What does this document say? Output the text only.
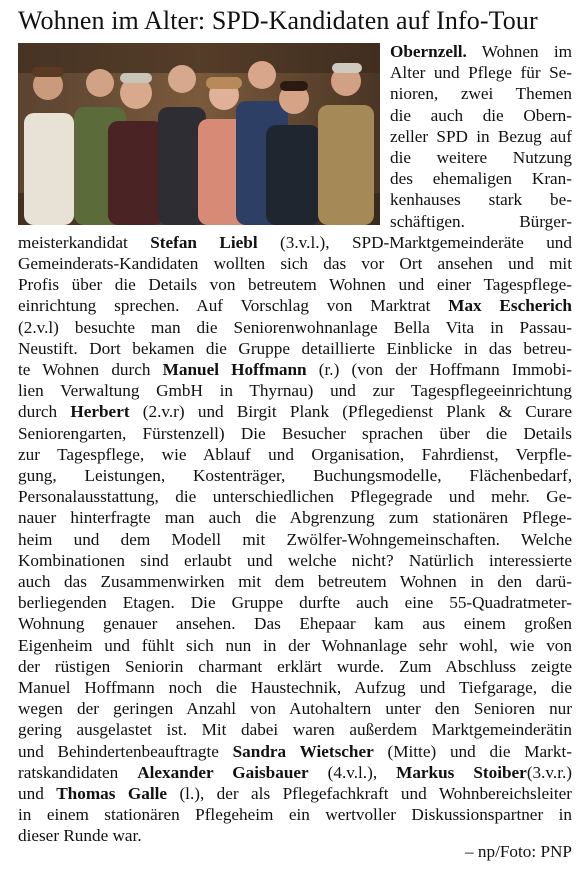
Wohnen im Alter: SPD-Kandidaten auf Info-Tour
Obernzell. Wohnen im
Alter und Pflege für Se-
nioren, zwei Themen
die auch die Obern-
zeller SPD in Bezug auf
die weitere Nutzung
des ehemaligen Kran-
kenhauses stark be-
schäftigen. Bürger-
meisterkandidat Stefan Liebl (3.v.l.), SPD-Marktgemeinderäte und
Gemeinderats-Kandidaten wollten sich das vor Ort ansehen und mit
Profis über die Details von betreutem Wohnen und einer Tagespflege-
einrichtung sprechen. Auf Vorschlag von Marktrat Max Escherich
(2.v.l) besuchte man die Seniorenwohnanlage Bella Vita in Passau-
Neustift. Dort bekamen die Gruppe detaillierte Einblicke in das betreu-
te Wohnen durch Manuel Hoffmann (r.) (von der Hoffmann Immobi-
lien Verwaltung GmbH in Thyrnau) und zur Tagespflegeeinrichtung
durch Herbert (2.v.r) und Birgit Plank (Pflegedienst Plank & Curare
Seniorengarten, Fürstenzell) Die Besucher sprachen über die Details
zur Tagespflege, wie Ablauf und Organisation, Fahrdienst, Verpfle-
gung, Leistungen, Kostenträger, Buchungsmodelle, Flächenbedarf,
Personalausstattung, die unterschiedlichen Pflegegrade und mehr. Ge-
nauer hinterfragte man auch die Abgrenzung zum stationären Pflege-
heim und dem Modell mit Zwölfer-Wohngemeinschaften. Welche
Kombinationen sind erlaubt und welche nicht? Natürlich interessierte
auch das Zusammenwirken mit dem betreutem Wohnen in den darü-
berliegenden Etagen. Die Gruppe durfte auch eine 55-Quadratmeter-
Wohnung genauer ansehen. Das Ehepaar kam aus einem großen
Eigenheim und fühlt sich nun in der Wohnanlage sehr wohl, wie von
der rüstigen Seniorin charmant erklärt wurde. Zum Abschluss zeigte
Manuel Hoffmann noch die Haustechnik, Aufzug und Tiefgarage, die
wegen der geringen Anzahl von Autohaltern unter den Senioren nur
gering ausgelastet ist. Mit dabei waren außerdem Marktgemeinderätin
und Behindertenbeauftragte Sandra Wietscher (Mitte) und die Markt-
ratskandidaten Alexander Gaisbauer (4.v.l.), Markus Stoiber(3.v.r.)
und Thomas Galle (l.), der als Pflegefachkraft und Wohnbereichsleiter
in einem stationären Pflegeheim ein wertvoller Diskussionspartner in
dieser Runde war.
– np/Foto: PNP
